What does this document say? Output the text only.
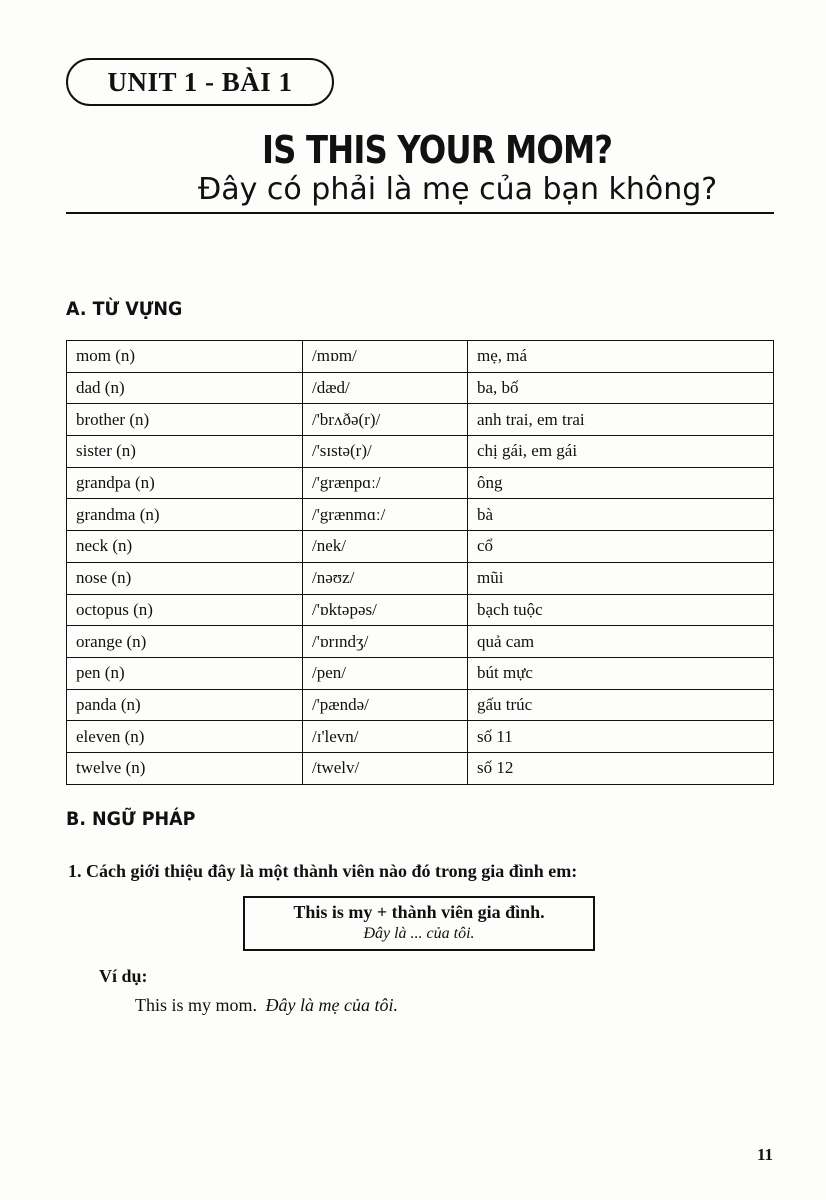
UNIT 1 - BÀI 1
IS THIS YOUR MOM?
Đây có phải là mẹ của bạn không?
A. TỪ VỰNG
mom (n)	/mɒm/	mẹ, má
dad (n)	/dæd/	ba, bố
brother (n)	/'brʌðə(r)/	anh trai, em trai
sister (n)	/'sɪstə(r)/	chị gái, em gái
grandpa (n)	/'grænpɑː/	ông
grandma (n)	/'grænmɑː/	bà
neck (n)	/nek/	cổ
nose (n)	/nəʊz/	mũi
octopus (n)	/'ɒktəpəs/	bạch tuộc
orange (n)	/'ɒrɪndʒ/	quả cam
pen (n)	/pen/	bút mực
panda (n)	/'pændə/	gấu trúc
eleven (n)	/ɪ'levn/	số 11
twelve (n)	/twelv/	số 12
B. NGỮ PHÁP
1. Cách giới thiệu đây là một thành viên nào đó trong gia đình em:
This is my + thành viên gia đình.
Đây là ... của tôi.
Ví dụ:
This is my mom. Đây là mẹ của tôi.
11
